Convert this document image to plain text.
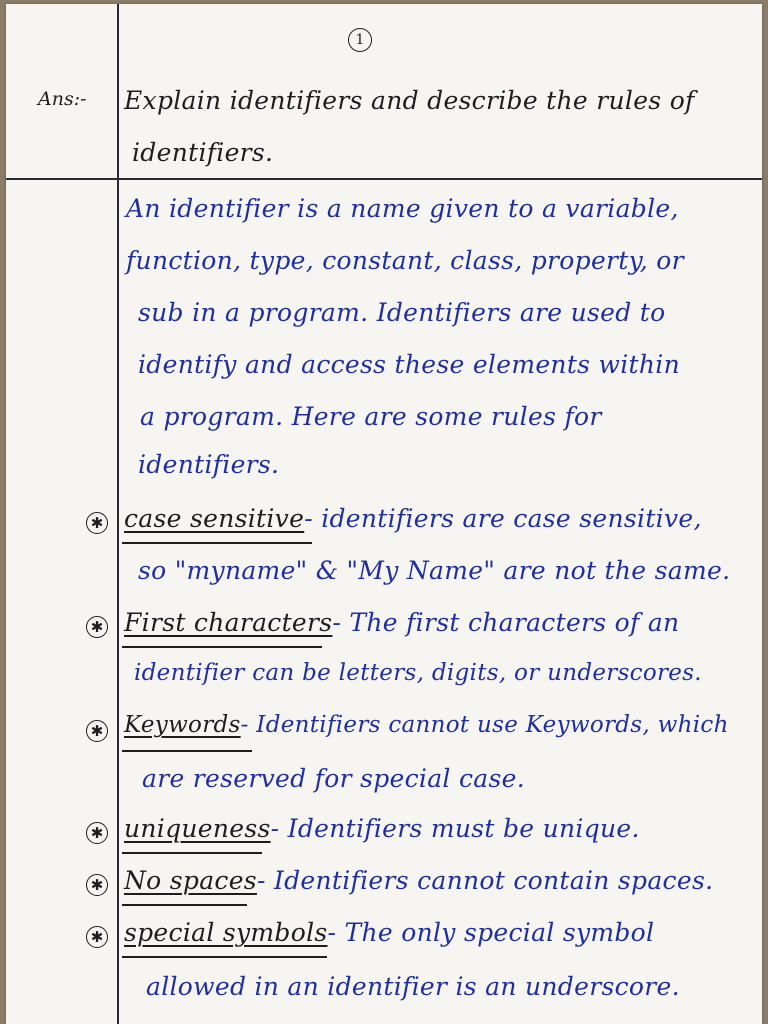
1
Ans:- Explain identifiers and describe the rules of
identifiers.
An identifier is a name given to a variable,
function, type, constant, class, property, or
sub in a program. Identifiers are used to
identify and access these elements within
a program. Here are some rules for
identifiers.
✱ case sensitive- identifiers are case sensitive,
so "myname" & "My Name" are not the same.
✱ First characters- The first characters of an
identifier can be letters, digits, or underscores.
✱ Keywords- Identifiers cannot use Keywords, which
are reserved for special case.
✱ uniqueness- Identifiers must be unique.
✱ No spaces- Identifiers cannot contain spaces.
✱ special symbols- The only special symbol
allowed in an identifier is an underscore.
